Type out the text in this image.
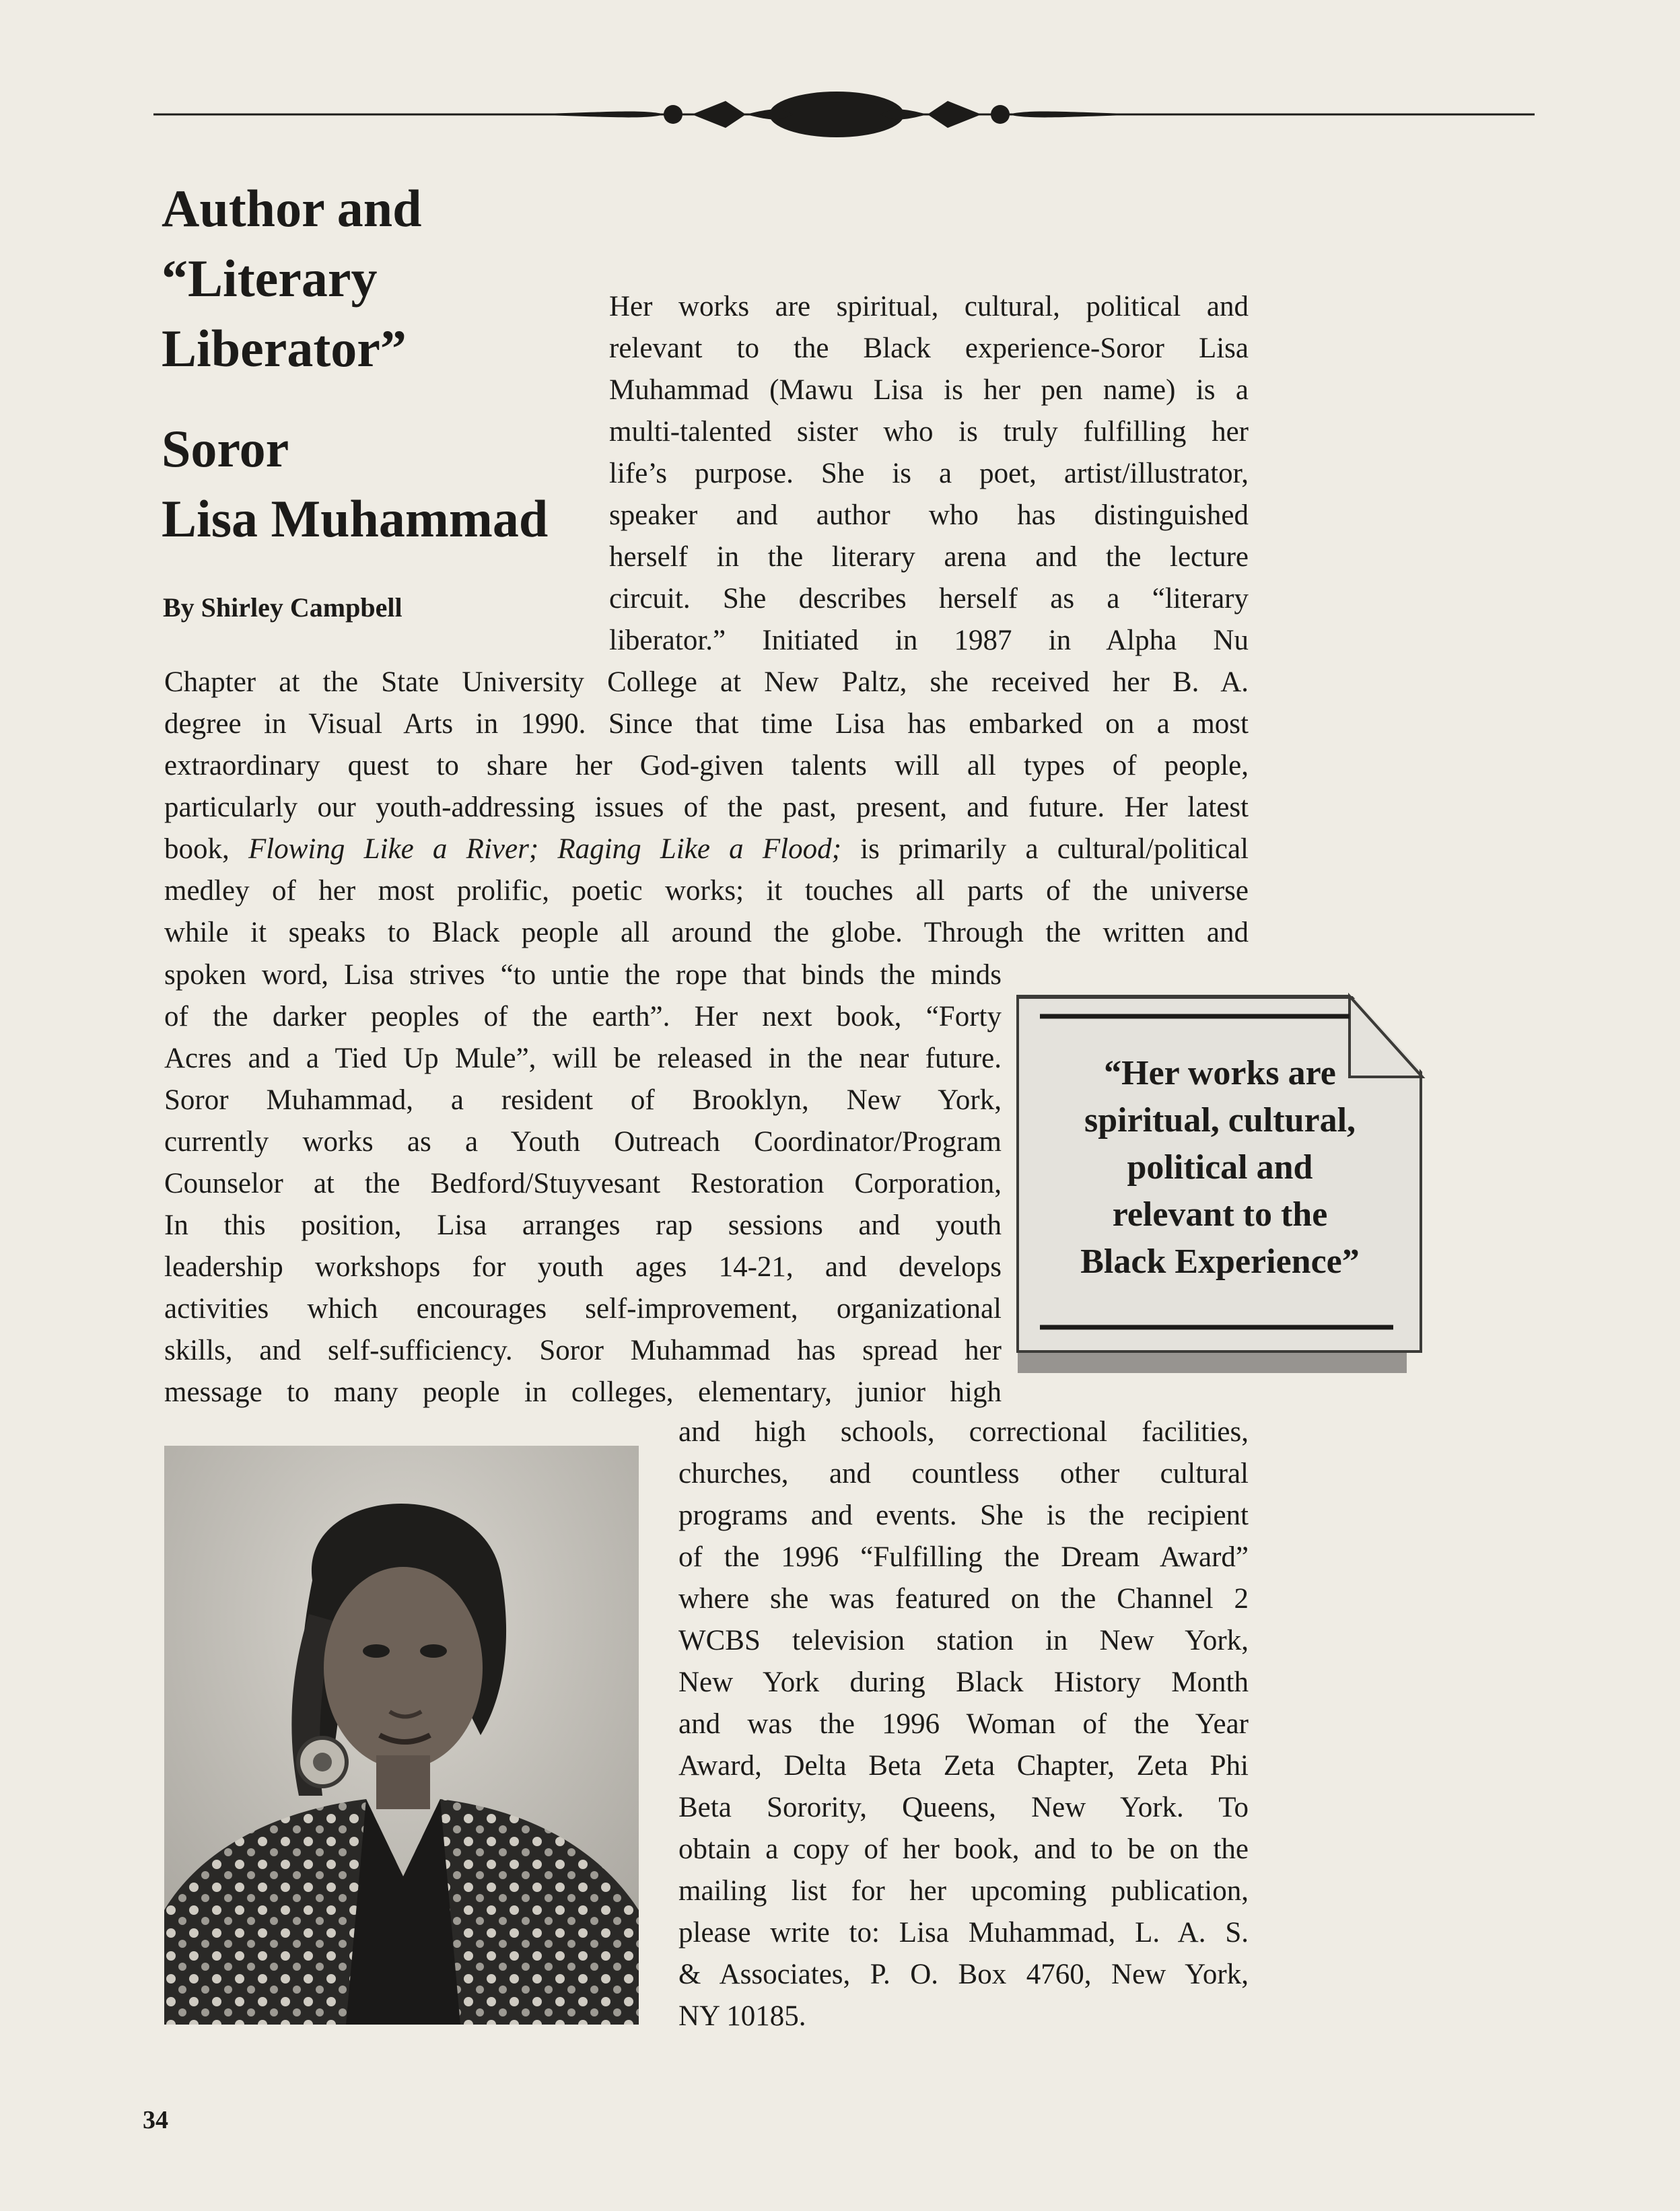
Author and
“Literary
Liberator”
Soror
Lisa Muhammad

By Shirley Campbell

Her works are spiritual, cultural, political and
relevant to the Black experience-Soror Lisa
Muhammad (Mawu Lisa is her pen name) is a
multi-talented sister who is truly fulfilling her
life’s purpose. She is a poet, artist/illustrator,
speaker and author who has distinguished
herself in the literary arena and the lecture
circuit. She describes herself as a “literary
liberator.” Initiated in 1987 in Alpha Nu
Chapter at the State University College at New Paltz, she received her B. A.
degree in Visual Arts in 1990. Since that time Lisa has embarked on a most
extraordinary quest to share her God-given talents will all types of people,
particularly our youth-addressing issues of the past, present, and future. Her latest
book, Flowing Like a River; Raging Like a Flood; is primarily a cultural/political
medley of her most prolific, poetic works; it touches all parts of the universe
while it speaks to Black people all around the globe. Through the written and
spoken word, Lisa strives “to untie the rope that binds the minds
of the darker peoples of the earth”. Her next book, “Forty
Acres and a Tied Up Mule”, will be released in the near future.
Soror Muhammad, a resident of Brooklyn, New York,
currently works as a Youth Outreach Coordinator/Program
Counselor at the Bedford/Stuyvesant Restoration Corporation,
In this position, Lisa arranges rap sessions and youth
leadership workshops for youth ages 14-21, and develops
activities which encourages self-improvement, organizational
skills, and self-sufficiency. Soror Muhammad has spread her
message to many people in colleges, elementary, junior high
and high schools, correctional facilities,
churches, and countless other cultural
programs and events. She is the recipient
of the 1996 “Fulfilling the Dream Award”
where she was featured on the Channel 2
WCBS television station in New York,
New York during Black History Month
and was the 1996 Woman of the Year
Award, Delta Beta Zeta Chapter, Zeta Phi
Beta Sorority, Queens, New York. To
obtain a copy of her book, and to be on the
mailing list for her upcoming publication,
please write to: Lisa Muhammad, L. A. S.
& Associates, P. O. Box 4760, New York,
NY 10185.
“Her works are
spiritual, cultural,
political and
relevant to the
Black Experience”

34
